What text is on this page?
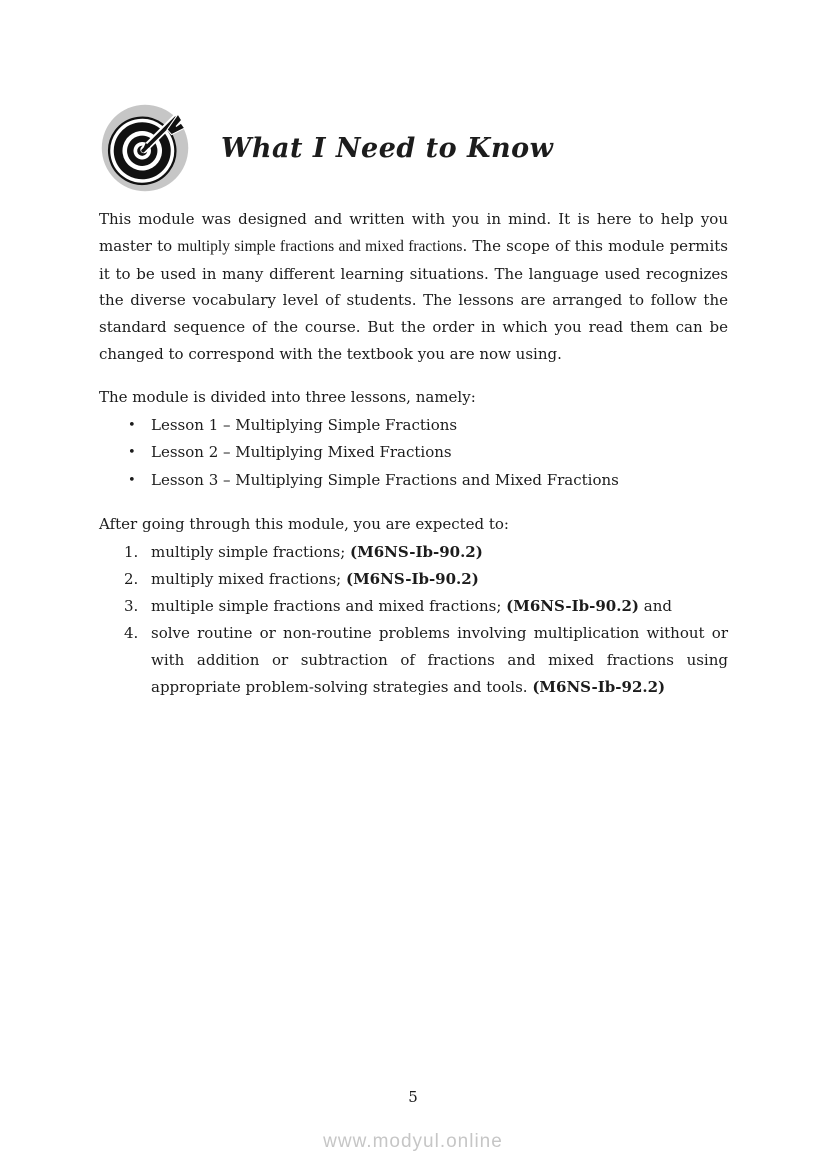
What I Need to Know

This module was designed and written with you in mind. It is here to help you master to multiply simple fractions and mixed fractions. The scope of this module permits it to be used in many different learning situations. The language used recognizes the diverse vocabulary level of students. The lessons are arranged to follow the standard sequence of the course. But the order in which you read them can be changed to correspond with the textbook you are now using.

The module is divided into three lessons, namely:

•	Lesson 1 – Multiplying Simple Fractions
•	Lesson 2 – Multiplying Mixed Fractions
•	Lesson 3 – Multiplying Simple Fractions and Mixed Fractions

After going through this module, you are expected to:

1. multiply simple fractions; (M6NS-Ib-90.2)
2. multiply mixed fractions; (M6NS-Ib-90.2)
3. multiple simple fractions and mixed fractions; (M6NS-Ib-90.2) and
4. solve routine or non-routine problems involving multiplication without or with addition or subtraction of fractions and mixed fractions using appropriate problem-solving strategies and tools. (M6NS-Ib-92.2)
5
www.modyul.online
